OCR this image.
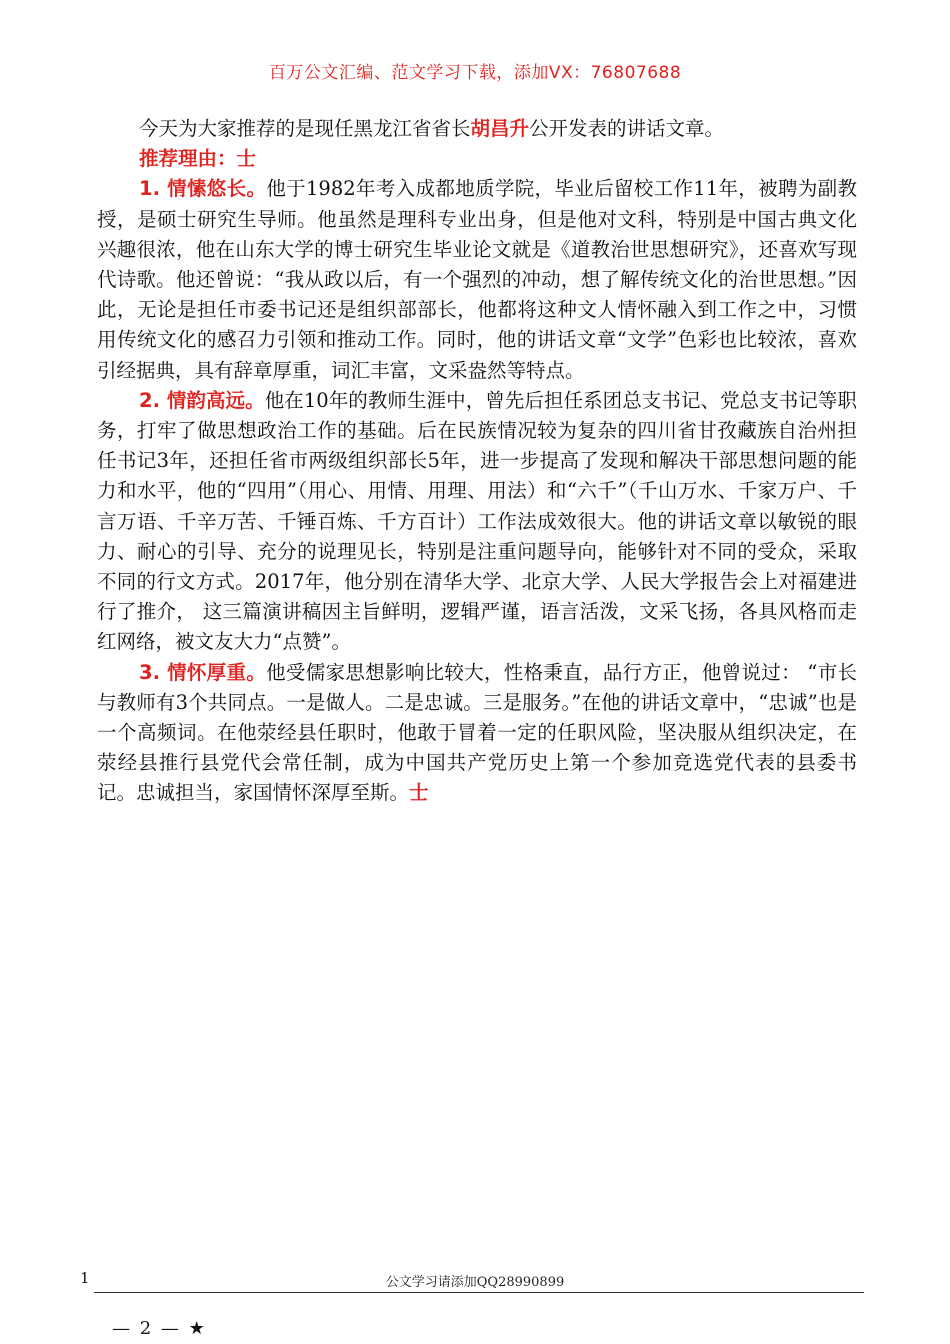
百万公文汇编、范文学习下载，添加VX：76807688

今天为大家推荐的是现任黑龙江省省长胡昌升公开发表的讲话文章。

推荐理由：士

1. 情愫悠长。他于1982年考入成都地质学院，毕业后留校工作11年，被聘为副教授，是硕士研究生导师。他虽然是理科专业出身，但是他对文科，特别是中国古典文化兴趣很浓，他在山东大学的博士研究生毕业论文就是《道教治世思想研究》，还喜欢写现代诗歌。他还曾说：“我从政以后，有一个强烈的冲动，想了解传统文化的治世思想。”因此，无论是担任市委书记还是组织部部长，他都将这种文人情怀融入到工作之中，习惯用传统文化的感召力引领和推动工作。同时，他的讲话文章“文学”色彩也比较浓，喜欢引经据典，具有辞章厚重，词汇丰富，文采盎然等特点。

2. 情韵高远。他在10年的教师生涯中，曾先后担任系团总支书记、党总支书记等职务，打牢了做思想政治工作的基础。后在民族情况较为复杂的四川省甘孜藏族自治州担任书记3年，还担任省市两级组织部长5年，进一步提高了发现和解决干部思想问题的能力和水平，他的“四用”（用心、用情、用理、用法）和“六千”（千山万水、千家万户、千言万语、千辛万苦、千锤百炼、千方百计）工作法成效很大。他的讲话文章以敏锐的眼力、耐心的引导、充分的说理见长，特别是注重问题导向，能够针对不同的受众，采取不同的行文方式。2017年，他分别在清华大学、北京大学、人民大学报告会上对福建进行了推介， 这三篇演讲稿因主旨鲜明，逻辑严谨，语言活泼，文采飞扬，各具风格而走红网络，被文友大力“点赞”。

3. 情怀厚重。他受儒家思想影响比较大，性格秉直，品行方正，他曾说过： “市长与教师有3个共同点。一是做人。二是忠诚。三是服务。”在他的讲话文章中，“忠诚”也是一个高频词。在他荥经县任职时，他敢于冒着一定的任职风险，坚决服从组织决定，在荥经县推行县党代会常任制，成为中国共产党历史上第一个参加竞选党代表的县委书记。忠诚担当，家国情怀深厚至斯。士

1	公文学习请添加QQ28990899
— 2 — ★
